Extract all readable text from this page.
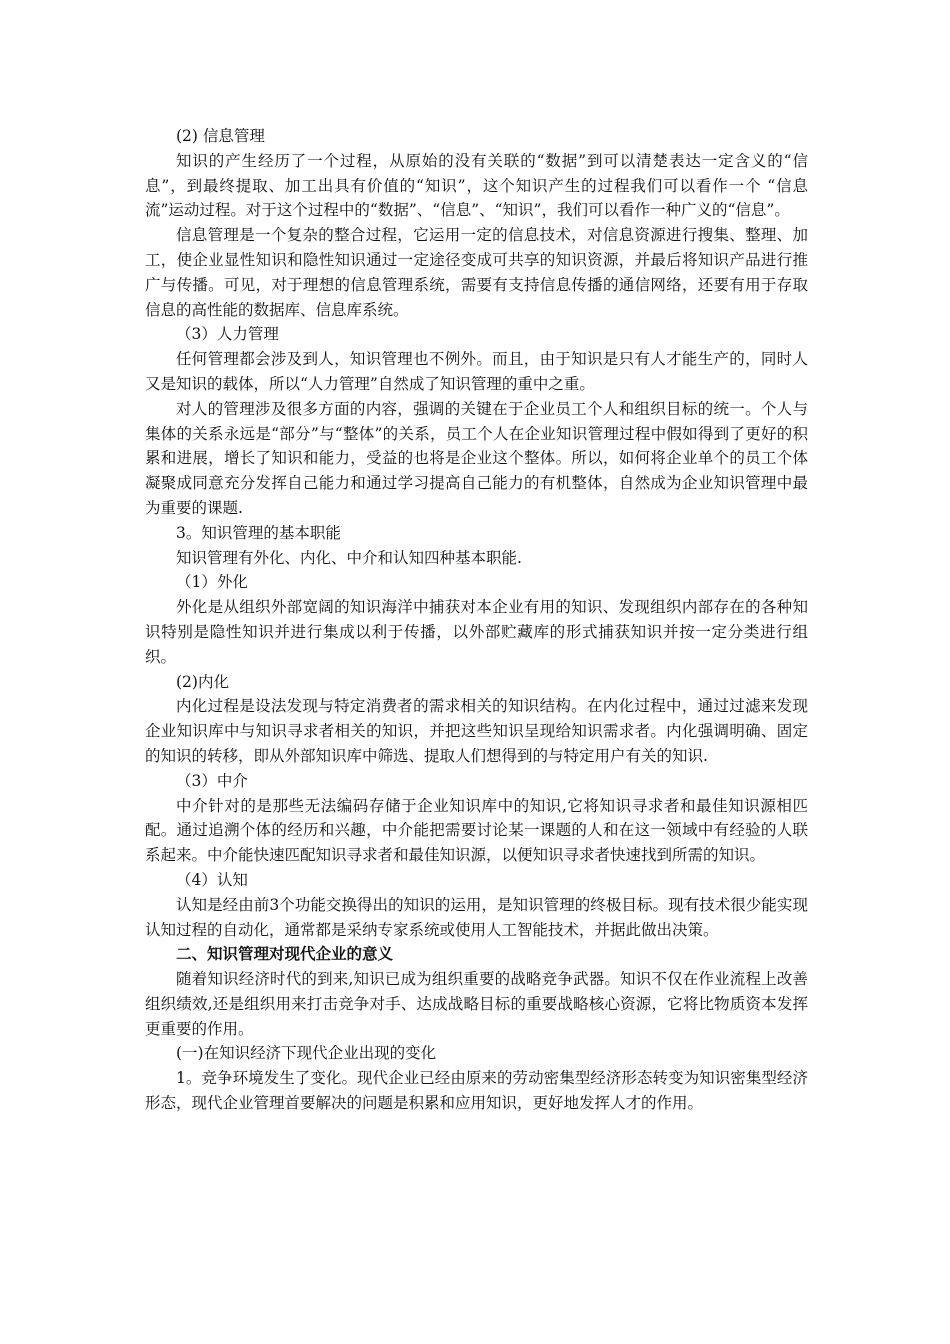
(2) 信息管理

知识的产生经历了一个过程，从原始的没有关联的“数据”到可以清楚表达一定含义的“信息”，到最终提取、加工出具有价值的“知识”，这个知识产生的过程我们可以看作一个 “信息流”运动过程。对于这个过程中的“数据”、“信息”、“知识”，我们可以看作一种广义的“信息”。

信息管理是一个复杂的整合过程，它运用一定的信息技术，对信息资源进行搜集、整理、加工，使企业显性知识和隐性知识通过一定途径变成可共享的知识资源，并最后将知识产品进行推广与传播。可见，对于理想的信息管理系统，需要有支持信息传播的通信网络，还要有用于存取信息的高性能的数据库、信息库系统。

（3）人力管理

任何管理都会涉及到人，知识管理也不例外。而且，由于知识是只有人才能生产的，同时人又是知识的载体，所以“人力管理”自然成了知识管理的重中之重。

对人的管理涉及很多方面的内容，强调的关键在于企业员工个人和组织目标的统一。个人与集体的关系永远是“部分”与“整体”的关系，员工个人在企业知识管理过程中假如得到了更好的积累和进展，增长了知识和能力，受益的也将是企业这个整体。所以，如何将企业单个的员工个体凝聚成同意充分发挥自己能力和通过学习提高自己能力的有机整体，自然成为企业知识管理中最为重要的课题.

3。知识管理的基本职能

知识管理有外化、内化、中介和认知四种基本职能.

（1）外化

外化是从组织外部宽阔的知识海洋中捕获对本企业有用的知识、发现组织内部存在的各种知识特别是隐性知识并进行集成以利于传播，以外部贮藏库的形式捕获知识并按一定分类进行组织。

(2)内化

内化过程是设法发现与特定消费者的需求相关的知识结构。在内化过程中，通过过滤来发现企业知识库中与知识寻求者相关的知识，并把这些知识呈现给知识需求者。内化强调明确、固定的知识的转移，即从外部知识库中筛选、提取人们想得到的与特定用户有关的知识.

（3）中介

中介针对的是那些无法编码存储于企业知识库中的知识,它将知识寻求者和最佳知识源相匹配。通过追溯个体的经历和兴趣，中介能把需要讨论某一课题的人和在这一领域中有经验的人联系起来。中介能快速匹配知识寻求者和最佳知识源，以便知识寻求者快速找到所需的知识。

（4）认知

认知是经由前3个功能交换得出的知识的运用，是知识管理的终极目标。现有技术很少能实现认知过程的自动化，通常都是采纳专家系统或使用人工智能技术，并据此做出决策。

二、知识管理对现代企业的意义

随着知识经济时代的到来,知识已成为组织重要的战略竞争武器。知识不仅在作业流程上改善组织绩效,还是组织用来打击竞争对手、达成战略目标的重要战略核心资源，它将比物质资本发挥更重要的作用。

(一)在知识经济下现代企业出现的变化

1。竞争环境发生了变化。现代企业已经由原来的劳动密集型经济形态转变为知识密集型经济形态，现代企业管理首要解决的问题是积累和应用知识，更好地发挥人才的作用。
